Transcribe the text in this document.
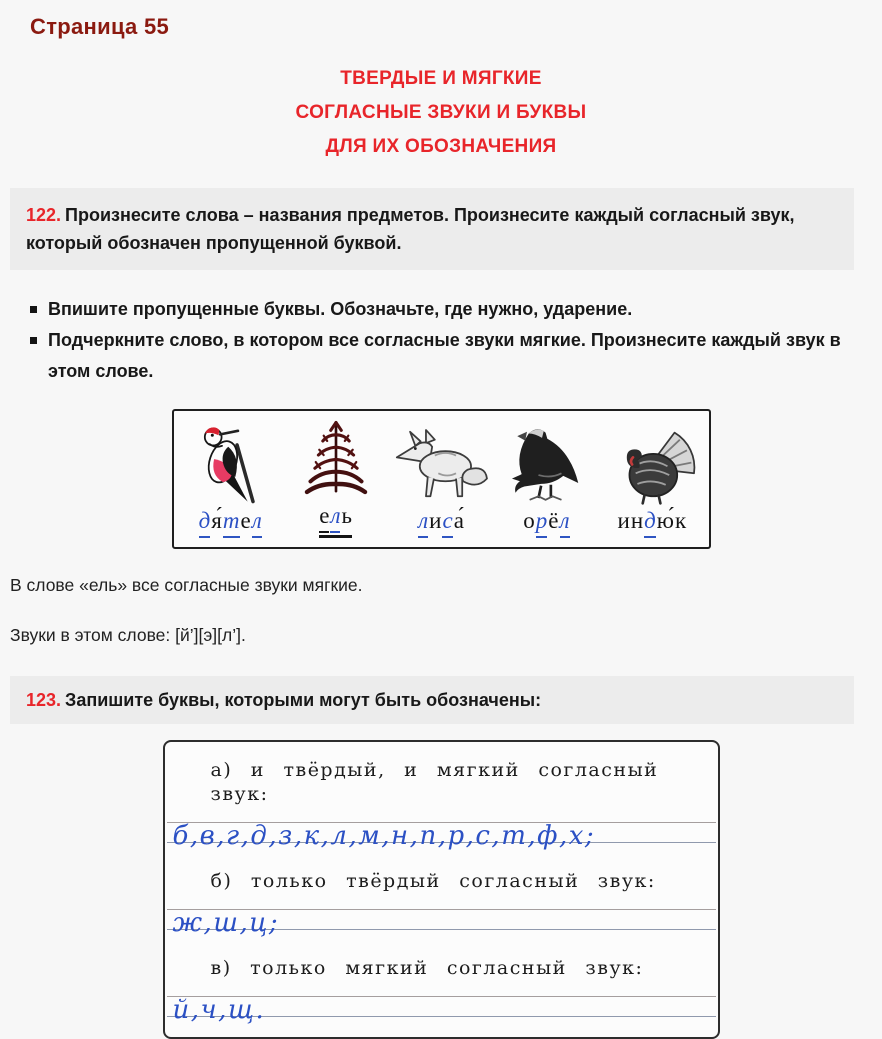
Страница 55
ТВЕРДЫЕ И МЯГКИЕ
СОГЛАСНЫЕ ЗВУКИ И БУКВЫ
ДЛЯ ИХ ОБОЗНАЧЕНИЯ
122. Произнесите слова – названия предметов. Произнесите каждый согласный звук, который обозначен пропущенной буквой.
Впишите пропущенные буквы. Обозначьте, где нужно, ударение.
Подчеркните слово, в котором все согласные звуки мягкие. Произнесите каждый звук в этом слове.
дя́тел ель	лиса́	орёл индю́к

В слове «ель» все согласные звуки мягкие.

Звуки в этом слове: [й’][э][л’].

123. Запишите буквы, которыми могут быть обозначены:
а) и твёрдый, и мягкий согласный звук:
б,в,г,д,з,к,л,м,н,п,р,с,т,ф,х;
б) только твёрдый согласный звук:
ж,ш,ц;
в) только мягкий согласный звук:
й,ч,щ.
